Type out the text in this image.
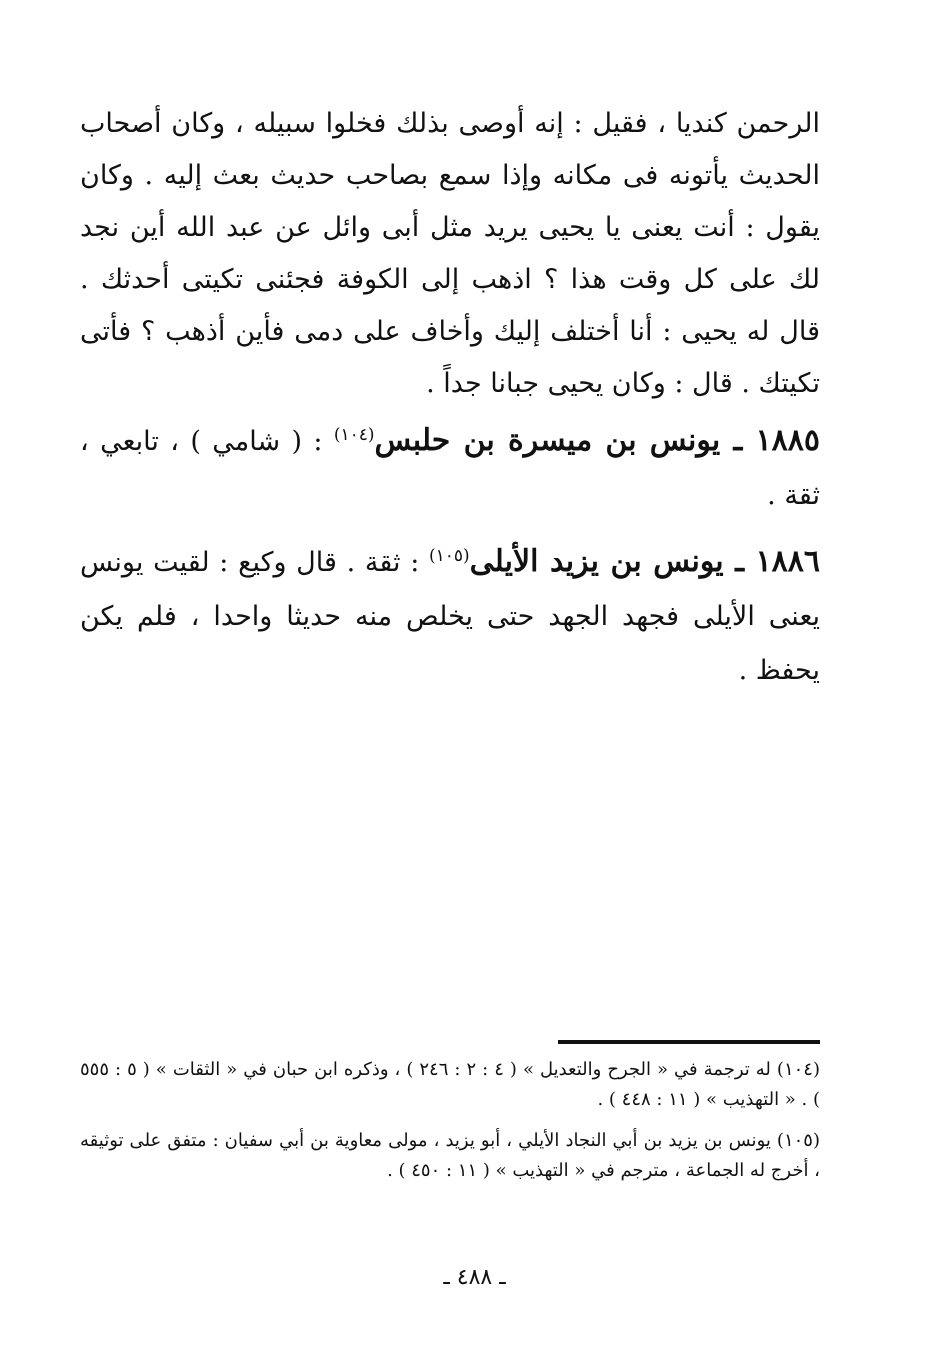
الرحمن كنديا ، فقيل : إنه أوصى بذلك فخلوا سبيله ، وكان أصحاب الحديث يأتونه فى مكانه وإذا سمع بصاحب حديث بعث إليه . وكان يقول : أنت يعنى يا يحيى يريد مثل أبى وائل عن عبد الله أين نجد لك على كل وقت هذا ؟ اذهب إلى الكوفة فجئنى تكيتى أحدثك . قال له يحيى : أنا أختلف إليك وأخاف على دمى فأين أذهب ؟ فأتى تكيتك . قال : وكان يحيى جبانا جداً .

١٨٨٥ ـ يونس بن ميسرة بن حلبس$^{(١٠٤)}$ : ( شامي ) ، تابعي ، ثقة .

١٨٨٦ ـ يونس بن يزيد الأيلى$^{(١٠٥)}$ : ثقة . قال وكيع : لقيت يونس يعنى الأيلى فجهد الجهد حتى يخلص منه حديثا واحدا ، فلم يكن يحفظ .

(١٠٤) له ترجمة في « الجرح والتعديل » ( ٤ : ٢ : ٢٤٦ ) ، وذكره ابن حبان في « الثقات » ( ٥ : ٥٥٥ ) . « التهذيب » ( ١١ : ٤٤٨ ) .

(١٠٥) يونس بن يزيد بن أبي النجاد الأيلي ، أبو يزيد ، مولى معاوية بن أبي سفيان : متفق على توثيقه ، أخرج له الجماعة ، مترجم في « التهذيب » ( ١١ : ٤٥٠ ) .

ـ ٤٨٨ ـ
